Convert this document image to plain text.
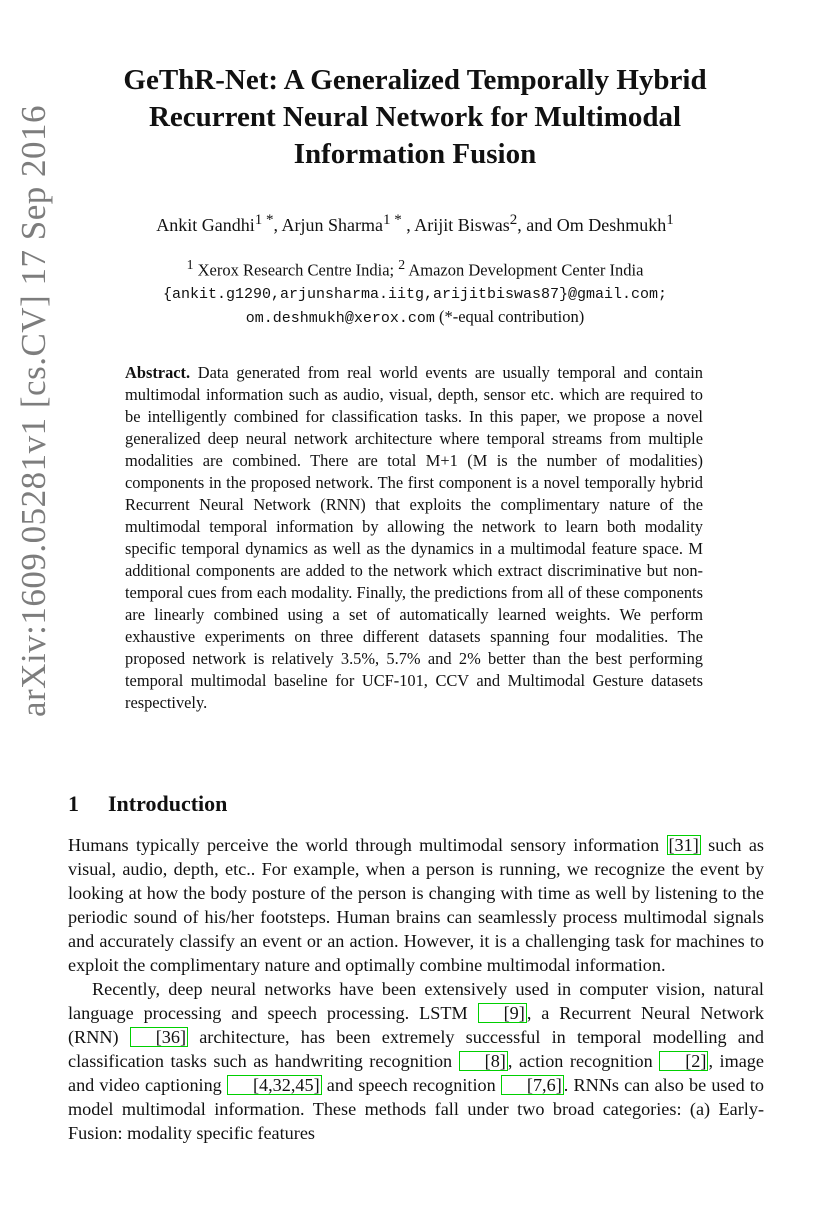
arXiv:1609.05281v1 [cs.CV] 17 Sep 2016
GeThR-Net: A Generalized Temporally Hybrid Recurrent Neural Network for Multimodal Information Fusion
Ankit Gandhi$^{1 *}$, Arjun Sharma$^{1 *}$ , Arijit Biswas$^2$, and Om Deshmukh$^1$
$^1$ Xerox Research Centre India; $^2$ Amazon Development Center India
{ankit.g1290,arjunsharma.iitg,arijitbiswas87}@gmail.com;
om.deshmukh@xerox.com (*-equal contribution)
Abstract. Data generated from real world events are usually temporal and contain multimodal information such as audio, visual, depth, sensor etc. which are required to be intelligently combined for classification tasks. In this paper, we propose a novel generalized deep neural network architecture where temporal streams from multiple modalities are combined. There are total M+1 (M is the number of modalities) components in the proposed network. The first component is a novel temporally hybrid Recurrent Neural Network (RNN) that exploits the complimentary nature of the multimodal temporal information by allowing the network to learn both modality specific temporal dynamics as well as the dynamics in a multimodal feature space. M additional components are added to the network which extract discriminative but non-temporal cues from each modality. Finally, the predictions from all of these components are linearly combined using a set of automatically learned weights. We perform exhaustive experiments on three different datasets spanning four modalities. The proposed network is relatively 3.5%, 5.7% and 2% better than the best performing temporal multimodal baseline for UCF-101, CCV and Multimodal Gesture datasets respectively.
1 Introduction

Humans typically perceive the world through multimodal sensory information [31] such as visual, audio, depth, etc.. For example, when a person is running, we recognize the event by looking at how the body posture of the person is changing with time as well by listening to the periodic sound of his/her footsteps. Human brains can seamlessly process multimodal signals and accurately classify an event or an action. However, it is a challenging task for machines to exploit the complimentary nature and optimally combine multimodal information.

Recently, deep neural networks have been extensively used in computer vision, natural language processing and speech processing. LSTM [9] , a Recurrent Neural Network (RNN) [36] architecture, has been extremely successful in temporal modelling and classification tasks such as handwriting recognition [8] , action recognition [2] , image and video captioning [4,32,45] and speech recognition [7,6] . RNNs can also be used to model multimodal information. These methods fall under two broad categories: (a) Early-Fusion: modality specific features
